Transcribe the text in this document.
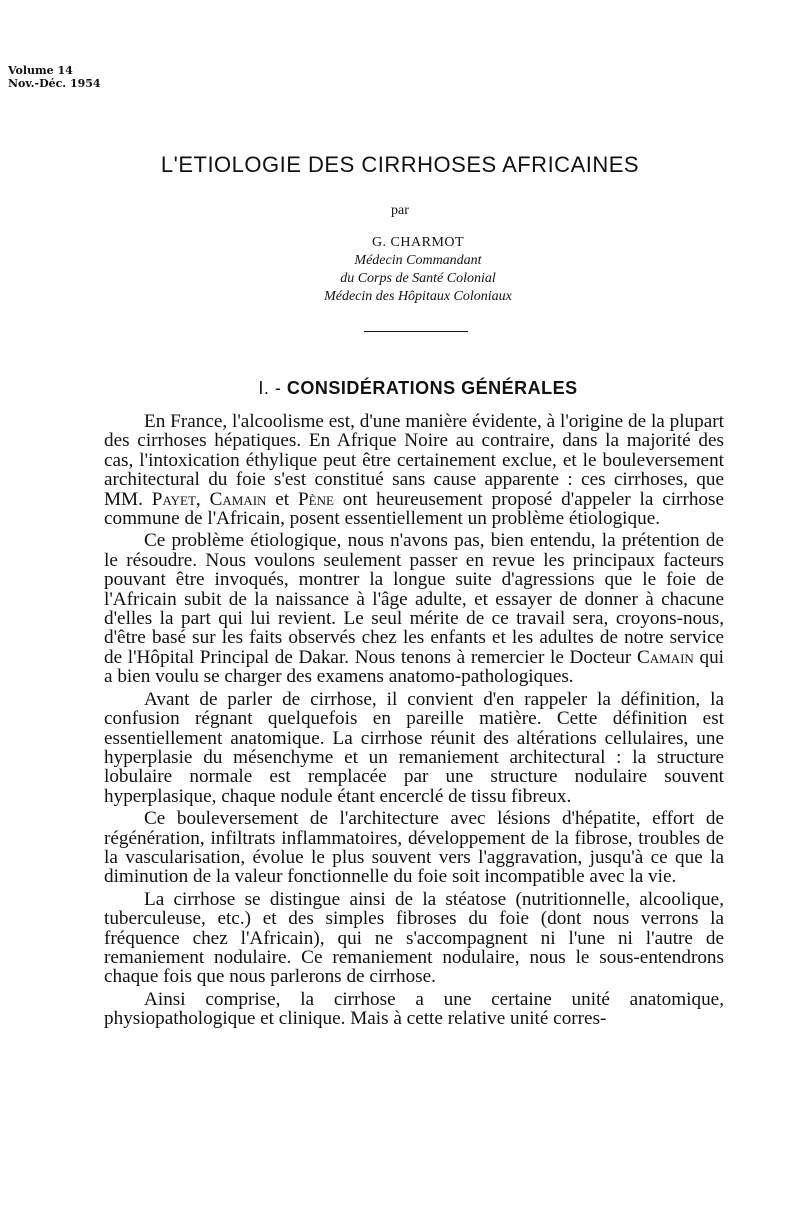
Volume 14
Nov.-Déc. 1954
L'ETIOLOGIE DES CIRRHOSES AFRICAINES
par
G. CHARMOT
Médecin Commandant
du Corps de Santé Colonial
Médecin des Hôpitaux Coloniaux
I. - CONSIDÉRATIONS GÉNÉRALES

En France, l'alcoolisme est, d'une manière évidente, à l'origine de la plupart des cirrhoses hépatiques. En Afrique Noire au contraire, dans la majorité des cas, l'intoxication éthylique peut être certainement exclue, et le bouleversement architectural du foie s'est constitué sans cause apparente : ces cirrhoses, que MM. Payet, Camain et Pène ont heureusement proposé d'appeler la cirrhose commune de l'Africain, posent essentiellement un problème étiologique.

Ce problème étiologique, nous n'avons pas, bien entendu, la prétention de le résoudre. Nous voulons seulement passer en revue les principaux facteurs pouvant être invoqués, montrer la longue suite d'agressions que le foie de l'Africain subit de la naissance à l'âge adulte, et essayer de donner à chacune d'elles la part qui lui revient. Le seul mérite de ce travail sera, croyons-nous, d'être basé sur les faits observés chez les enfants et les adultes de notre service de l'Hôpital Principal de Dakar. Nous tenons à remercier le Docteur Camain qui a bien voulu se charger des examens anatomo-pathologiques.

Avant de parler de cirrhose, il convient d'en rappeler la définition, la confusion régnant quelquefois en pareille matière. Cette définition est essentiellement anatomique. La cirrhose réunit des altérations cellulaires, une hyperplasie du mésenchyme et un remaniement architectural : la structure lobulaire normale est remplacée par une structure nodulaire souvent hyperplasique, chaque nodule étant encerclé de tissu fibreux.

Ce bouleversement de l'architecture avec lésions d'hépatite, effort de régénération, infiltrats inflammatoires, développement de la fibrose, troubles de la vascularisation, évolue le plus souvent vers l'aggravation, jusqu'à ce que la diminution de la valeur fonctionnelle du foie soit incompatible avec la vie.

La cirrhose se distingue ainsi de la stéatose (nutritionnelle, alcoolique, tuberculeuse, etc.) et des simples fibroses du foie (dont nous verrons la fréquence chez l'Africain), qui ne s'accompagnent ni l'une ni l'autre de remaniement nodulaire. Ce remaniement nodulaire, nous le sous-entendrons chaque fois que nous parlerons de cirrhose.

Ainsi comprise, la cirrhose a une certaine unité anatomique, physiopathologique et clinique. Mais à cette relative unité corres-
